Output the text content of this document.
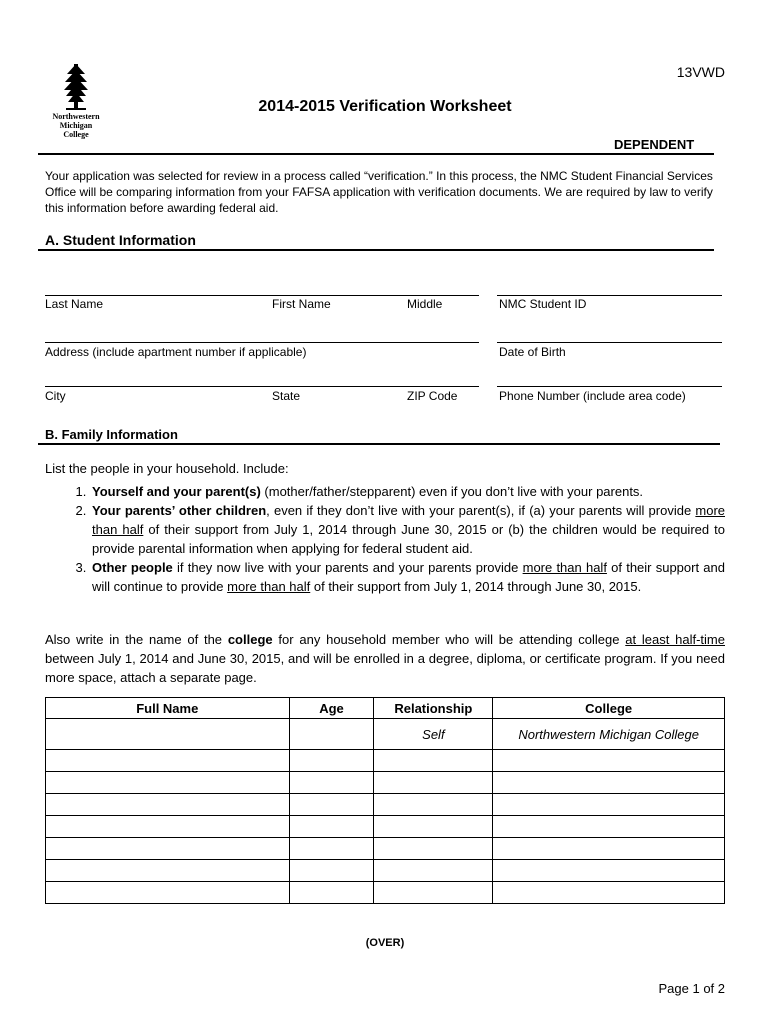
Northwestern
Michigan
College
13VWD
2014-2015 Verification Worksheet
DEPENDENT
Your application was selected for review in a process called “verification.” In this process, the NMC Student Financial Services Office will be comparing information from your FAFSA application with verification documents. We are required by law to verify this information before awarding federal aid.
A. Student Information
Last Name	First Name	Middle	NMC Student ID
Address (include apartment number if applicable)	Date of Birth
City	State	ZIP Code	Phone Number (include area code)
B. Family Information
List the people in your household. Include:
1. Yourself and your parent(s) (mother/father/stepparent) even if you don’t live with your parents.
2. Your parents’ other children, even if they don’t live with your parent(s), if (a) your parents will provide more than half of their support from July 1, 2014 through June 30, 2015 or (b) the children would be required to provide parental information when applying for federal student aid.
3. Other people if they now live with your parents and your parents provide more than half of their support and will continue to provide more than half of their support from July 1, 2014 through June 30, 2015.
Also write in the name of the college for any household member who will be attending college at least half-time between July 1, 2014 and June 30, 2015, and will be enrolled in a degree, diploma, or certificate program. If you need more space, attach a separate page.
Full Name	Age	Relationship	College
		Self	Northwestern Michigan College

(OVER)
Page 1 of 2
